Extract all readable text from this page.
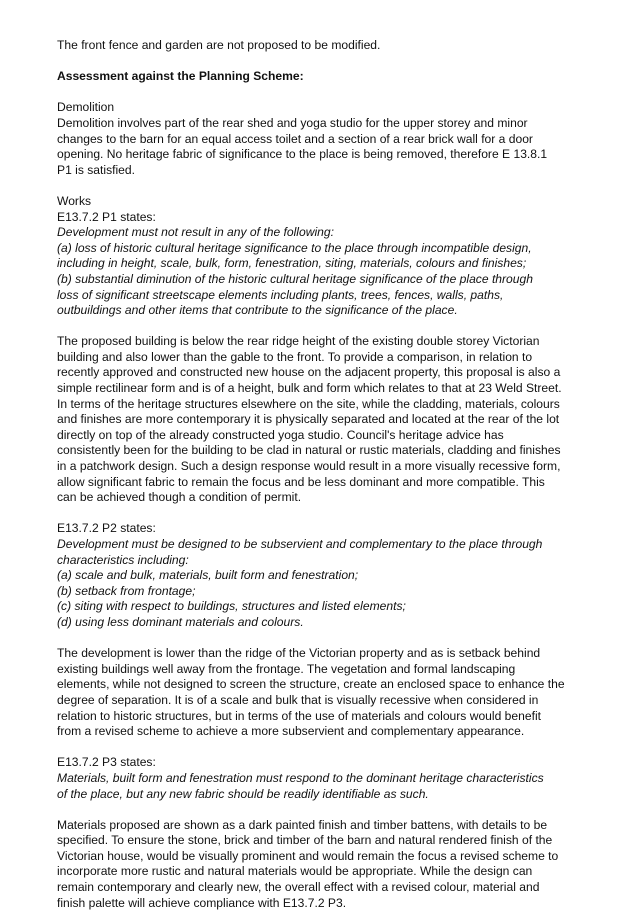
The front fence and garden are not proposed to be modified.

Assessment against the Planning Scheme:

Demolition

Demolition involves part of the rear shed and yoga studio for the upper storey and minor

changes to the barn for an equal access toilet and a section of a rear brick wall for a door

opening. No heritage fabric of significance to the place is being removed, therefore E 13.8.1

P1 is satisfied.

Works

E13.7.2 P1 states:

Development must not result in any of the following:

(a) loss of historic cultural heritage significance to the place through incompatible design,

including in height, scale, bulk, form, fenestration, siting, materials, colours and finishes;

(b) substantial diminution of the historic cultural heritage significance of the place through

loss of significant streetscape elements including plants, trees, fences, walls, paths,

outbuildings and other items that contribute to the significance of the place.

The proposed building is below the rear ridge height of the existing double storey Victorian

building and also lower than the gable to the front. To provide a comparison, in relation to

recently approved and constructed new house on the adjacent property, this proposal is also a

simple rectilinear form and is of a height, bulk and form which relates to that at 23 Weld Street.

In terms of the heritage structures elsewhere on the site, while the cladding, materials, colours

and finishes are more contemporary it is physically separated and located at the rear of the lot

directly on top of the already constructed yoga studio. Council's heritage advice has

consistently been for the building to be clad in natural or rustic materials, cladding and finishes

in a patchwork design. Such a design response would result in a more visually recessive form,

allow significant fabric to remain the focus and be less dominant and more compatible. This

can be achieved though a condition of permit.

E13.7.2 P2 states:

Development must be designed to be subservient and complementary to the place through

characteristics including:

(a) scale and bulk, materials, built form and fenestration;

(b) setback from frontage;

(c) siting with respect to buildings, structures and listed elements;

(d) using less dominant materials and colours.

The development is lower than the ridge of the Victorian property and as is setback behind

existing buildings well away from the frontage. The vegetation and formal landscaping

elements, while not designed to screen the structure, create an enclosed space to enhance the

degree of separation. It is of a scale and bulk that is visually recessive when considered in

relation to historic structures, but in terms of the use of materials and colours would benefit

from a revised scheme to achieve a more subservient and complementary appearance.

E13.7.2 P3 states:

Materials, built form and fenestration must respond to the dominant heritage characteristics

of the place, but any new fabric should be readily identifiable as such.

Materials proposed are shown as a dark painted finish and timber battens, with details to be

specified. To ensure the stone, brick and timber of the barn and natural rendered finish of the

Victorian house, would be visually prominent and would remain the focus a revised scheme to

incorporate more rustic and natural materials would be appropriate. While the design can

remain contemporary and clearly new, the overall effect with a revised colour, material and

finish palette will achieve compliance with E13.7.2 P3.
